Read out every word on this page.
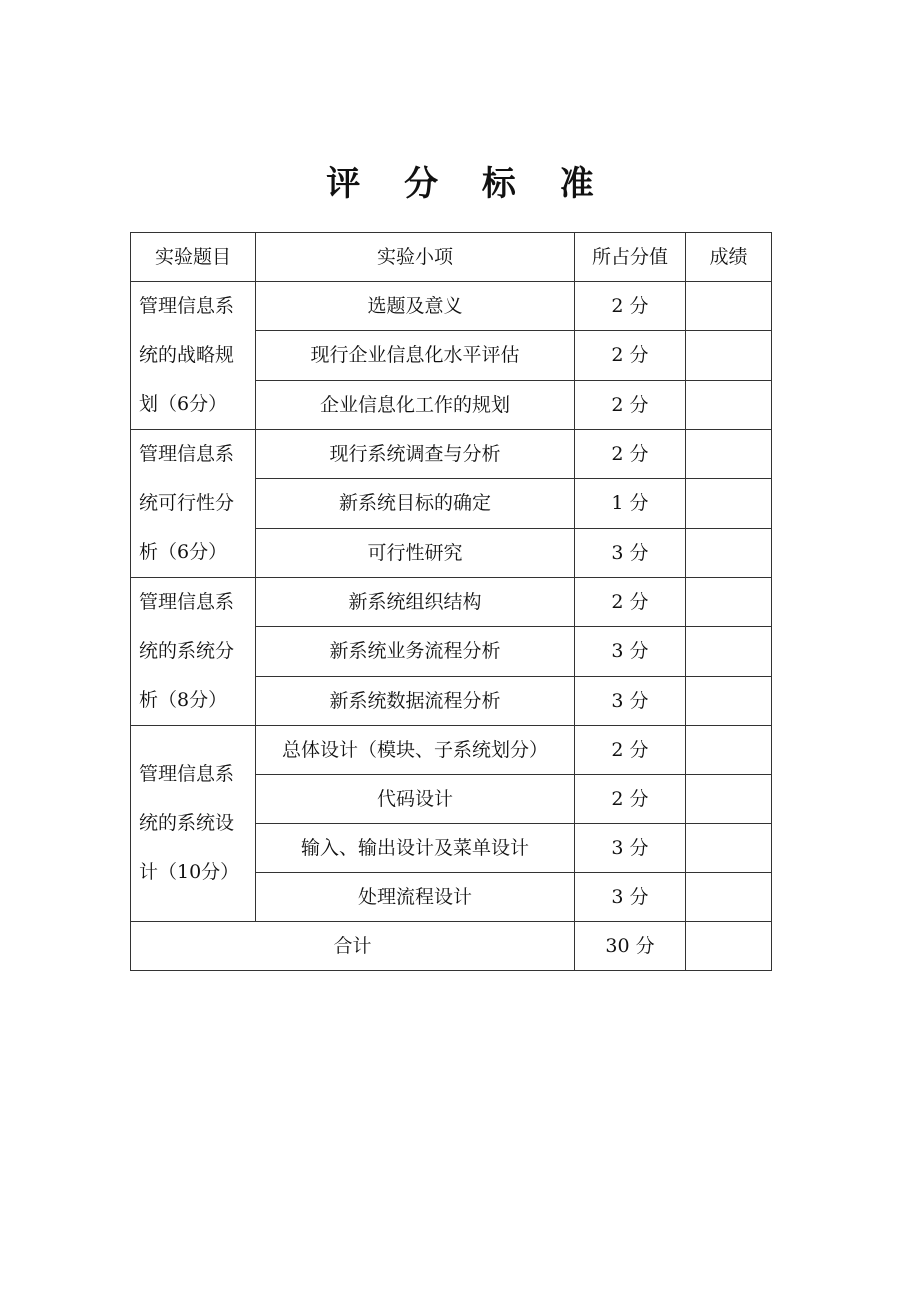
评 分 标 准
实验题目	实验小项	所占分值	成绩

管理信息系
统的战略规
划（6分）	选题及意义	2 分	
	现行企业信息化水平评估	2 分	
	企业信息化工作的规划	2 分	

管理信息系
统可行性分
析（6分）	现行系统调查与分析	2 分	
	新系统目标的确定	1 分	
	可行性研究	3 分	

管理信息系
统的系统分
析（8分）	新系统组织结构	2 分	
	新系统业务流程分析	3 分	
	新系统数据流程分析	3 分	

管理信息系
统的系统设
计（10分）	总体设计（模块、子系统划分）	2 分	
	代码设计	2 分	
	输入、输出设计及菜单设计	3 分	
	处理流程设计	3 分	
合计		30 分	
